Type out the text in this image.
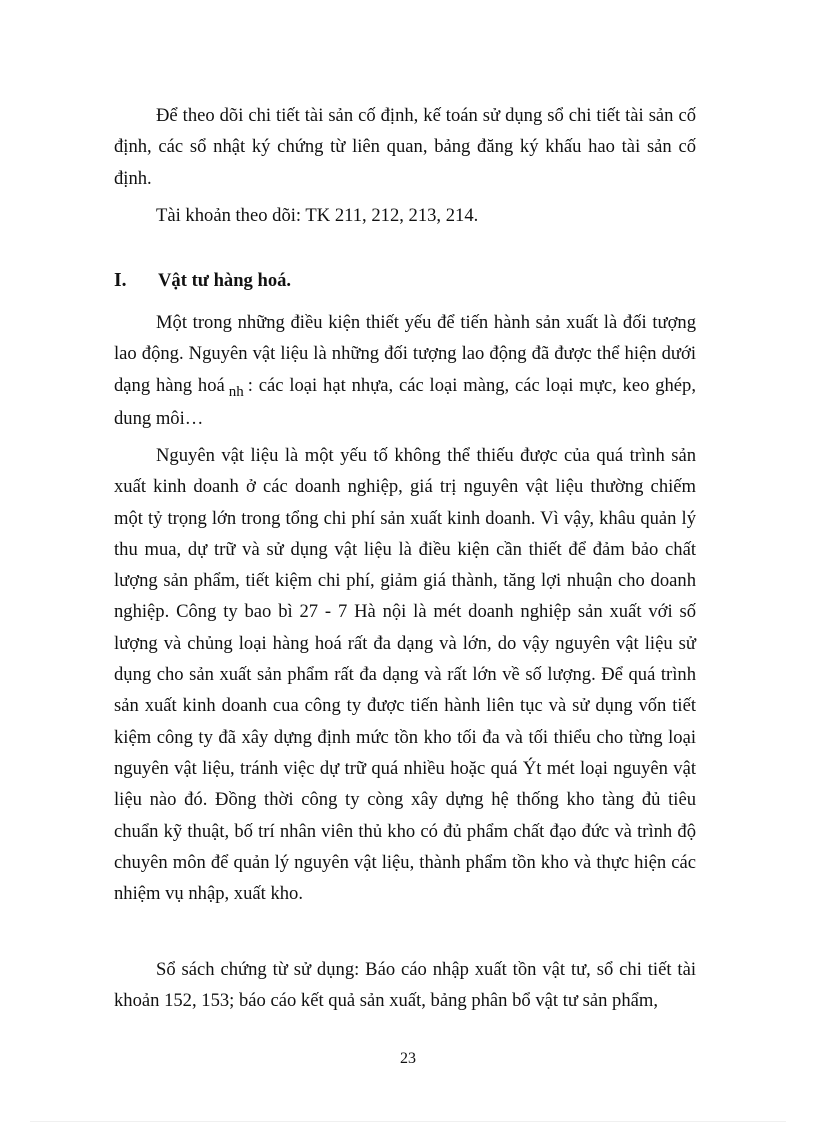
Để theo dõi chi tiết tài sản cố định, kế toán sử dụng sổ chi tiết tài sản cố định, các sổ nhật ký chứng từ liên quan, bảng đăng ký khấu hao tài sản cố định.

Tài khoản theo dõi: TK 211, 212, 213, 214.

I. Vật tư hàng hoá.

Một trong những điều kiện thiết yếu để tiến hành sản xuất là đối tượng lao động. Nguyên vật liệu là những đối tượng lao động đã được thể hiện dưới dạng hàng hoá $_{nh}$ : các loại hạt nhựa, các loại màng, các loại mực, keo ghép, dung môi…

Nguyên vật liệu là một yếu tố không thể thiếu được của quá trình sản xuất kinh doanh ở các doanh nghiệp, giá trị nguyên vật liệu thường chiếm một tỷ trọng lớn trong tổng chi phí sản xuất kinh doanh. Vì vậy, khâu quản lý thu mua, dự trữ và sử dụng vật liệu là điều kiện cần thiết để đảm bảo chất lượng sản phẩm, tiết kiệm chi phí, giảm giá thành, tăng lợi nhuận cho doanh nghiệp. Công ty bao bì 27 - 7 Hà nội là mét doanh nghiệp sản xuất với số lượng và chủng loại hàng hoá rất đa dạng và lớn, do vậy nguyên vật liệu sử dụng cho sản xuất sản phẩm rất đa dạng và rất lớn về số lượng. Để quá trình sản xuất kinh doanh cua công ty được tiến hành liên tục và sử dụng vốn tiết kiệm công ty đã xây dựng định mức tồn kho tối đa và tối thiểu cho từng loại nguyên vật liệu, tránh việc dự trữ quá nhiều hoặc quá Ýt mét loại nguyên vật liệu nào đó. Đồng thời công ty còng xây dựng hệ thống kho tàng đủ tiêu chuẩn kỹ thuật, bố trí nhân viên thủ kho có đủ phẩm chất đạo đức và trình độ chuyên môn để quản lý nguyên vật liệu, thành phẩm tồn kho và thực hiện các nhiệm vụ nhập, xuất kho.

Sổ sách chứng từ sử dụng: Báo cáo nhập xuất tồn vật tư, sổ chi tiết tài khoản 152, 153; báo cáo kết quả sản xuất, bảng phân bổ vật tư sản phẩm,

23
